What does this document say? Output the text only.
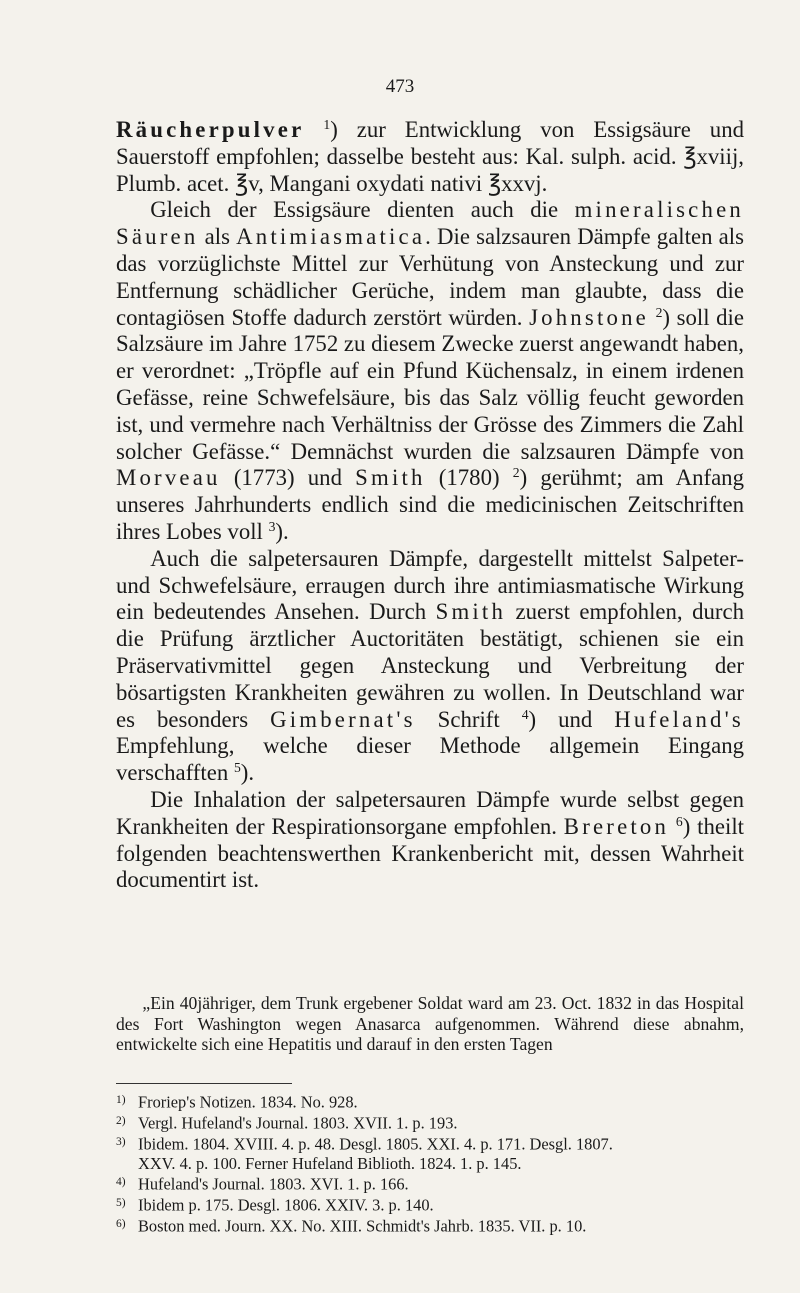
473

Räucherpulver $^1$) zur Entwicklung von Essigsäure und Sauerstoff empfohlen; dasselbe besteht aus: Kal. sulph. acid. ℥xviij, Plumb. acet. ℥v, Mangani oxydati nativi ℥xxvj.

Gleich der Essigsäure dienten auch die mineralischen Säuren als Antimiasmatica. Die salzsauren Dämpfe galten als das vorzüglichste Mittel zur Verhütung von Ansteckung und zur Entfernung schädlicher Gerüche, indem man glaubte, dass die contagiösen Stoffe dadurch zerstört würden. Johnstone $^2$) soll die Salzsäure im Jahre 1752 zu diesem Zwecke zuerst angewandt haben, er verordnet: „Tröpfle auf ein Pfund Küchensalz, in einem irdenen Gefässe, reine Schwefelsäure, bis das Salz völlig feucht geworden ist, und vermehre nach Verhältniss der Grösse des Zimmers die Zahl solcher Gefässe.“ Demnächst wurden die salzsauren Dämpfe von Morveau (1773) und Smith (1780) $^2$) gerühmt; am Anfang unseres Jahrhunderts endlich sind die medicinischen Zeitschriften ihres Lobes voll $^3$).

Auch die salpetersauren Dämpfe, dargestellt mittelst Salpeter- und Schwefelsäure, erraugen durch ihre antimiasmatische Wirkung ein bedeutendes Ansehen. Durch Smith zuerst empfohlen, durch die Prüfung ärztlicher Auctoritäten bestätigt, schienen sie ein Präservativmittel gegen Ansteckung und Verbreitung der bösartigsten Krankheiten gewähren zu wollen. In Deutschland war es besonders Gimbernat's Schrift $^4$) und Hufeland's Empfehlung, welche dieser Methode allgemein Eingang verschafften $^5$).

Die Inhalation der salpetersauren Dämpfe wurde selbst gegen Krankheiten der Respirationsorgane empfohlen. Brereton $^6$) theilt folgenden beachtenswerthen Krankenbericht mit, dessen Wahrheit documentirt ist.

„Ein 40jähriger, dem Trunk ergebener Soldat ward am 23. Oct. 1832 in das Hospital des Fort Washington wegen Anasarca aufgenommen. Während diese abnahm, entwickelte sich eine Hepatitis und darauf in den ersten Tagen

1) Froriep's Notizen. 1834. No. 928.
2) Vergl. Hufeland's Journal. 1803. XVII. 1. p. 193.
3) Ibidem. 1804. XVIII. 4. p. 48. Desgl. 1805. XXI. 4. p. 171. Desgl. 1807.
XXV. 4. p. 100. Ferner Hufeland Biblioth. 1824. 1. p. 145.
4) Hufeland's Journal. 1803. XVI. 1. p. 166.
5) Ibidem p. 175. Desgl. 1806. XXIV. 3. p. 140.
6) Boston med. Journ. XX. No. XIII. Schmidt's Jahrb. 1835. VII. p. 10.
